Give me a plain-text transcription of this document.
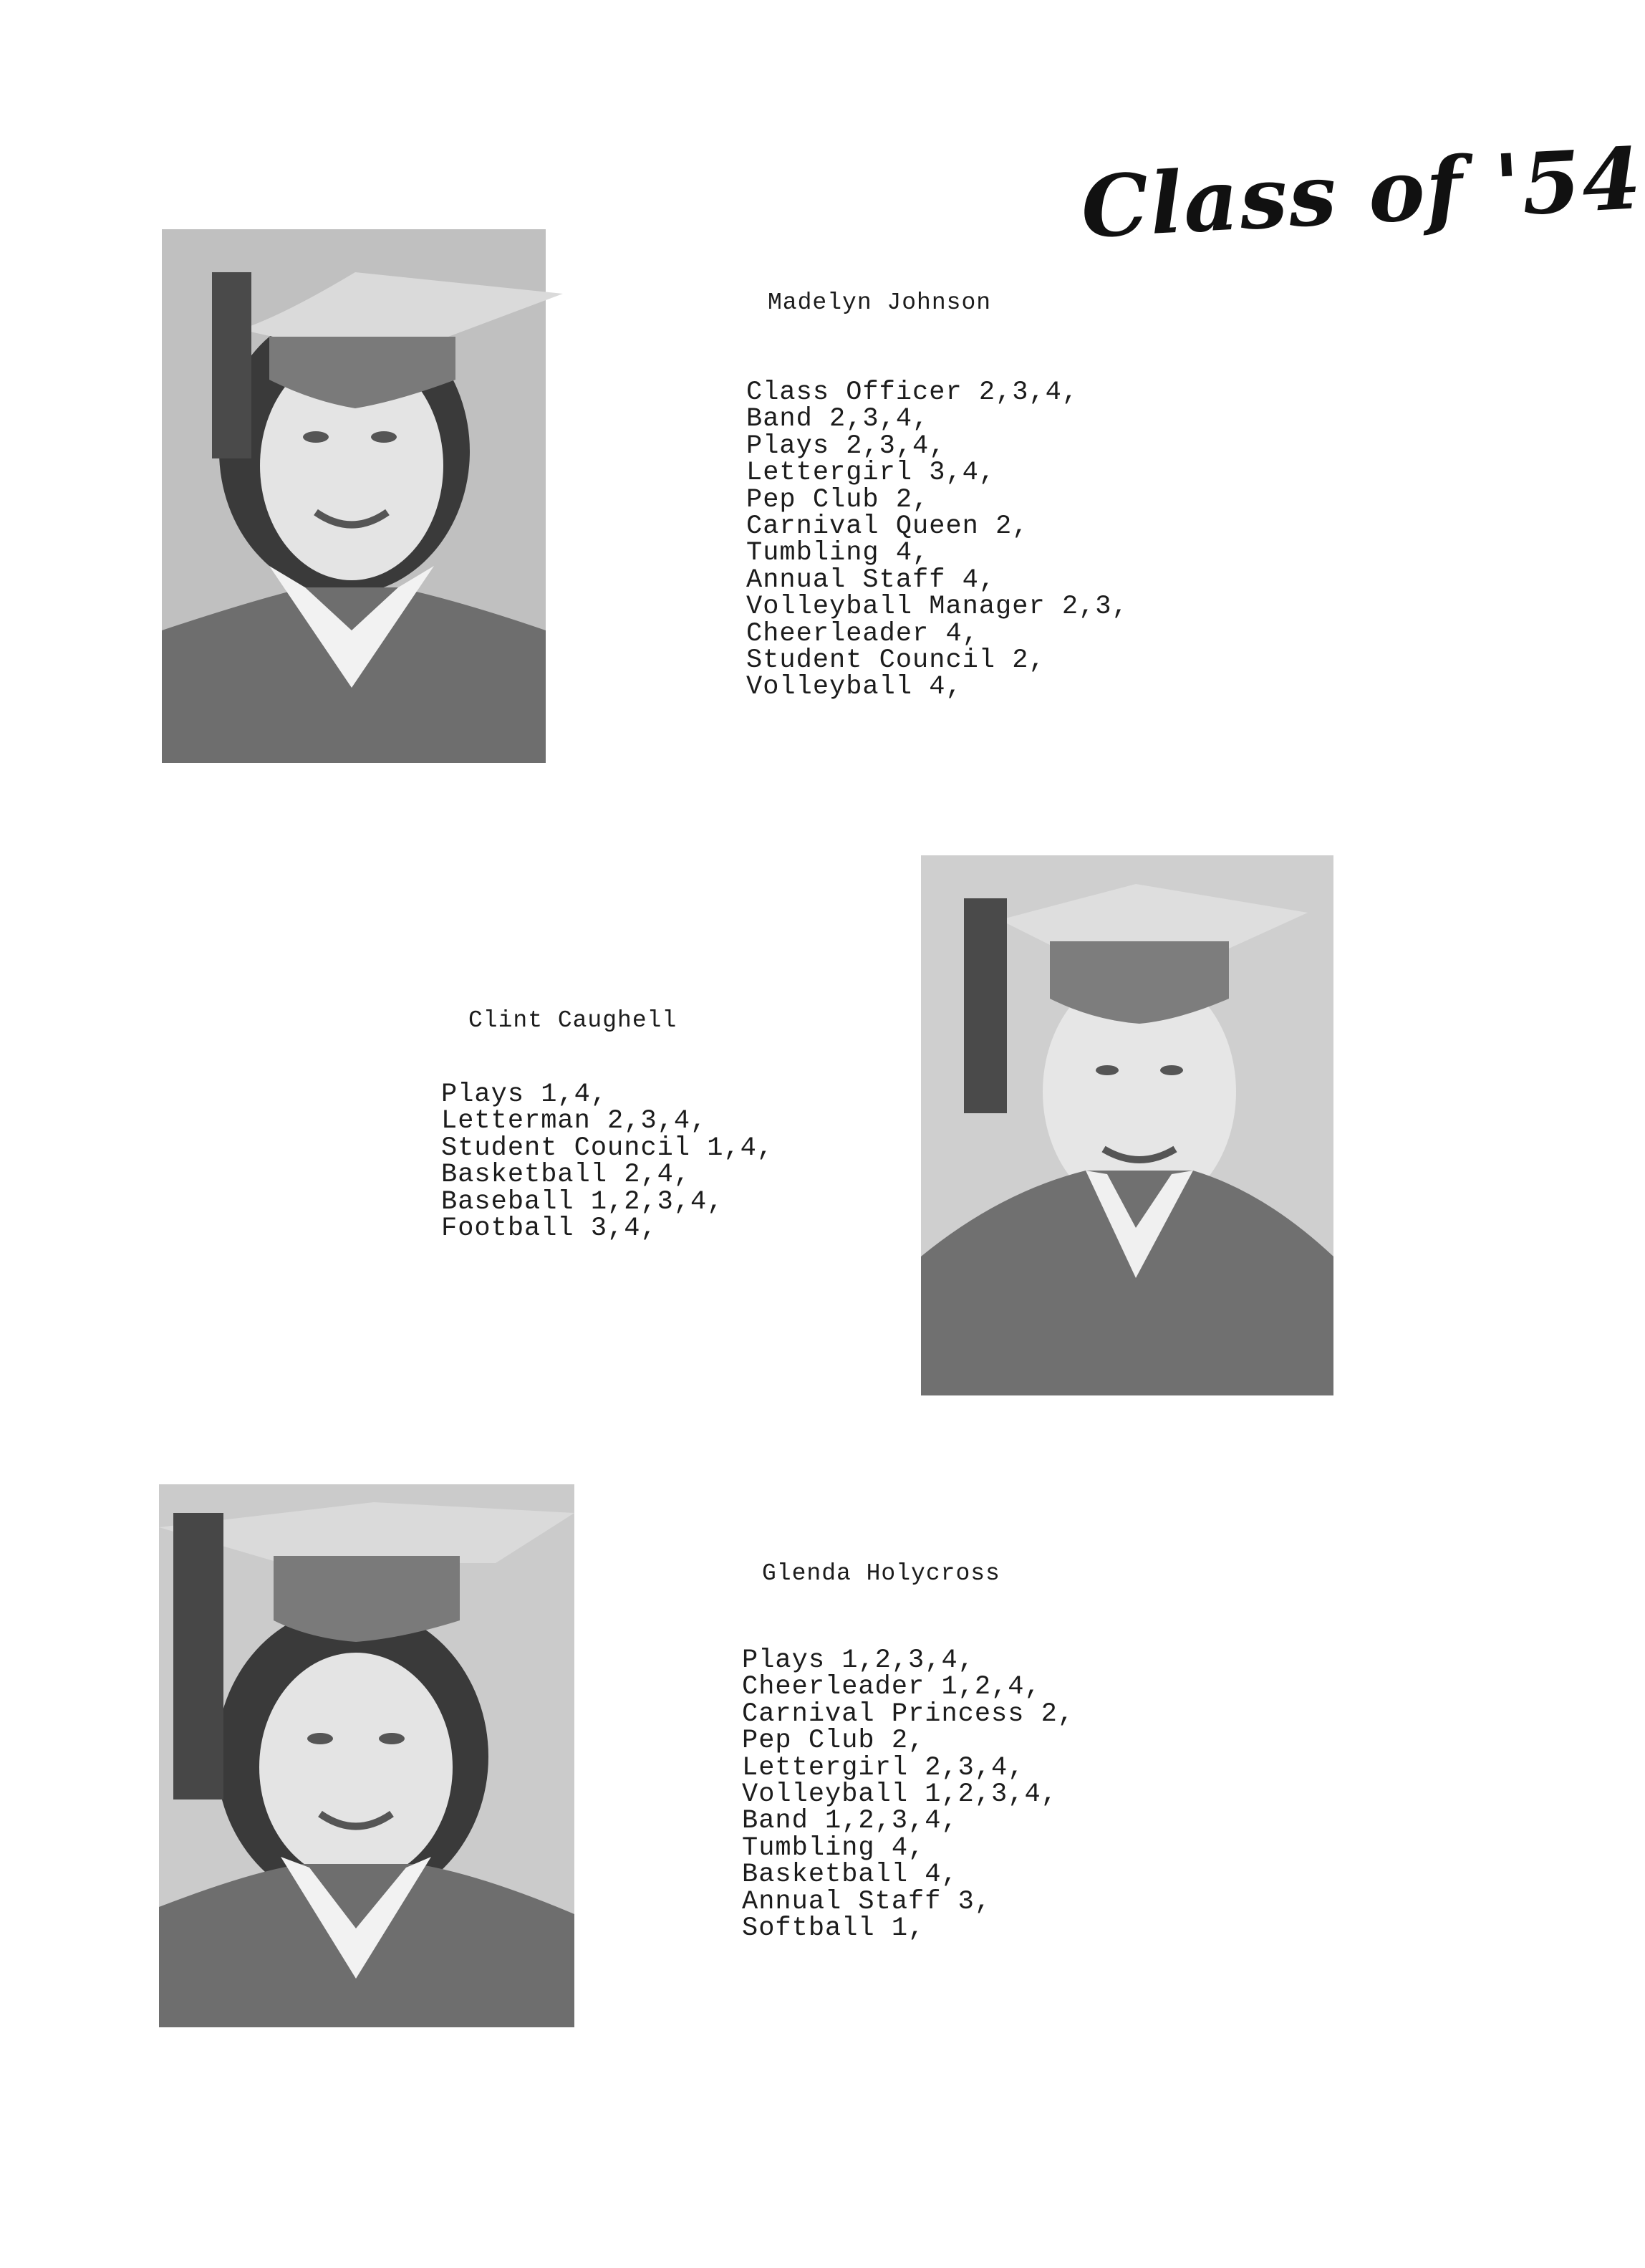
Class of '54
Madelyn Johnson
Class Officer 2,3,4,
Band 2,3,4,
Plays 2,3,4,
Lettergirl 3,4,
Pep Club 2,
Carnival Queen 2,
Tumbling 4,
Annual Staff 4,
Volleyball Manager 2,3,
Cheerleader 4,
Student Council 2,
Volleyball 4,
Clint Caughell
Plays 1,4,
Letterman 2,3,4,
Student Council 1,4,
Basketball 2,4,
Baseball 1,2,3,4,
Football 3,4,
Glenda Holycross
Plays 1,2,3,4,
Cheerleader 1,2,4,
Carnival Princess 2,
Pep Club 2,
Lettergirl 2,3,4,
Volleyball 1,2,3,4,
Band 1,2,3,4,
Tumbling 4,
Basketball 4,
Annual Staff 3,
Softball 1,
